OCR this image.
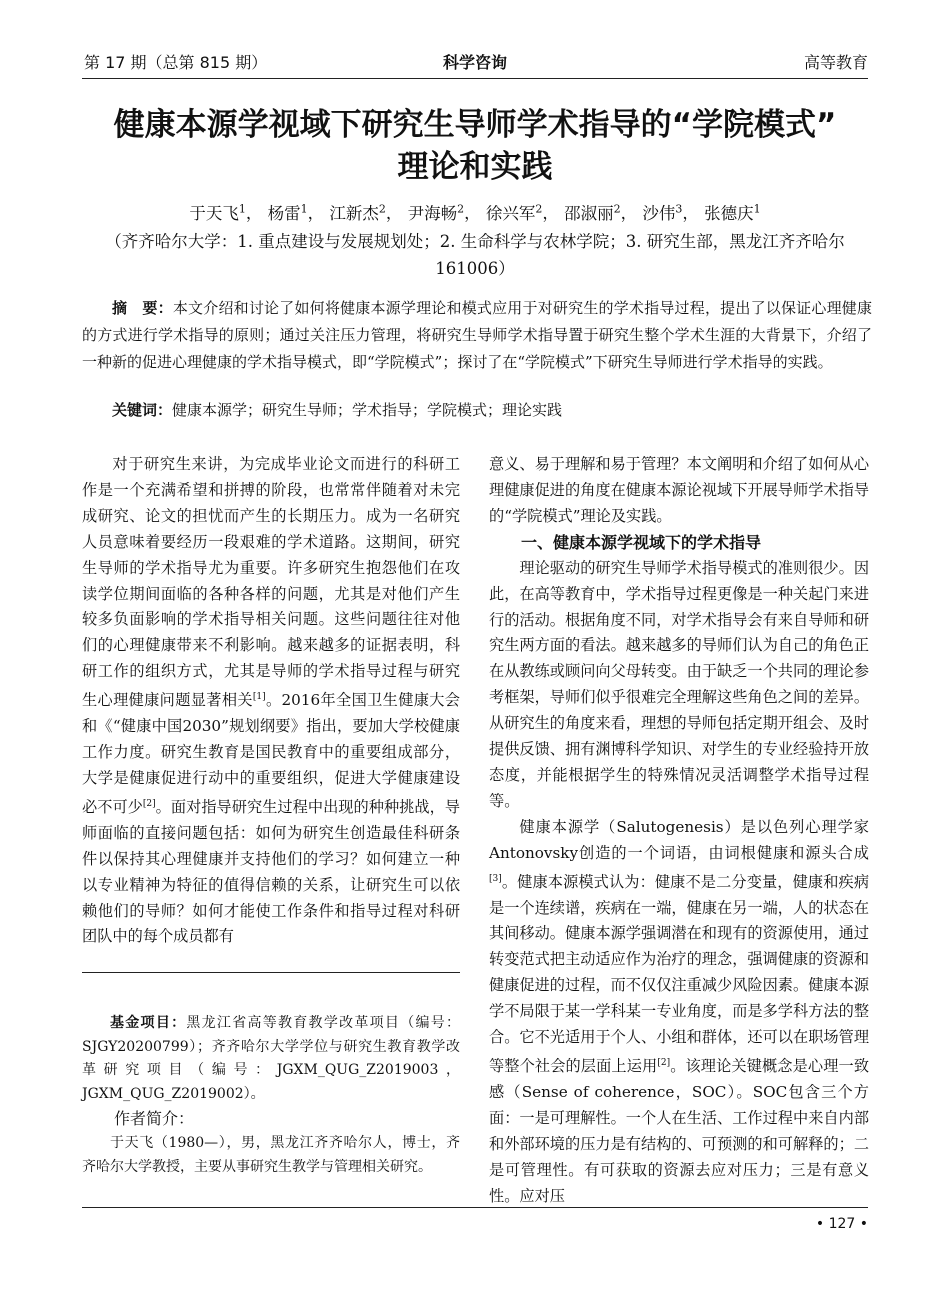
第 17 期（总第 815 期）	科学咨询	高等教育
健康本源学视域下研究生导师学术指导的“学院模式”
理论和实践
于天飞$^1$， 杨雷$^1$， 江新杰$^2$， 尹海畅$^2$， 徐兴军$^2$， 邵淑丽$^2$， 沙伟$^3$， 张德庆$^1$
（齐齐哈尔大学：1. 重点建设与发展规划处；2. 生命科学与农林学院；3. 研究生部，黑龙江齐齐哈尔
161006）
摘　要：本文介绍和讨论了如何将健康本源学理论和模式应用于对研究生的学术指导过程，提出了以保证心理健康的方式进行学术指导的原则；通过关注压力管理，将研究生导师学术指导置于研究生整个学术生涯的大背景下，介绍了一种新的促进心理健康的学术指导模式，即“学院模式”；探讨了在“学院模式”下研究生导师进行学术指导的实践。
关键词：健康本源学；研究生导师；学术指导；学院模式；理论实践

对于研究生来讲，为完成毕业论文而进行的科研工作是一个充满希望和拼搏的阶段，也常常伴随着对未完成研究、论文的担忧而产生的长期压力。成为一名研究人员意味着要经历一段艰难的学术道路。这期间，研究生导师的学术指导尤为重要。许多研究生抱怨他们在攻读学位期间面临的各种各样的问题，尤其是对他们产生较多负面影响的学术指导相关问题。这些问题往往对他们的心理健康带来不利影响。越来越多的证据表明，科研工作的组织方式，尤其是导师的学术指导过程与研究生心理健康问题显著相关[1]。2016年全国卫生健康大会和《“健康中国2030”规划纲要》指出，要加大学校健康工作力度。研究生教育是国民教育中的重要组成部分，大学是健康促进行动中的重要组织，促进大学健康建设必不可少[2]。面对指导研究生过程中出现的种种挑战，导师面临的直接问题包括：如何为研究生创造最佳科研条件以保持其心理健康并支持他们的学习？如何建立一种以专业精神为特征的值得信赖的关系，让研究生可以依赖他们的导师？如何才能使工作条件和指导过程对科研团队中的每个成员都有

基金项目：黑龙江省高等教育教学改革项目（编号：SJGY20200799）；齐齐哈尔大学学位与研究生教育教学改革研究项目（编号：JGXM_QUG_Z2019003，JGXM_QUG_Z2019002）。

作者简介：

于天飞（1980—），男，黑龙江齐齐哈尔人，博士，齐齐哈尔大学教授，主要从事研究生教学与管理相关研究。

意义、易于理解和易于管理？本文阐明和介绍了如何从心理健康促进的角度在健康本源论视域下开展导师学术指导的“学院模式”理论及实践。

一、健康本源学视域下的学术指导

理论驱动的研究生导师学术指导模式的准则很少。因此，在高等教育中，学术指导过程更像是一种关起门来进行的活动。根据角度不同，对学术指导会有来自导师和研究生两方面的看法。越来越多的导师们认为自己的角色正在从教练或顾问向父母转变。由于缺乏一个共同的理论参考框架，导师们似乎很难完全理解这些角色之间的差异。从研究生的角度来看，理想的导师包括定期开组会、及时提供反馈、拥有渊博科学知识、对学生的专业经验持开放态度，并能根据学生的特殊情况灵活调整学术指导过程等。

健康本源学（Salutogenesis）是以色列心理学家Antonovsky创造的一个词语，由词根健康和源头合成[3]。健康本源模式认为：健康不是二分变量，健康和疾病是一个连续谱，疾病在一端，健康在另一端，人的状态在其间移动。健康本源学强调潜在和现有的资源使用，通过转变范式把主动适应作为治疗的理念，强调健康的资源和健康促进的过程，而不仅仅注重减少风险因素。健康本源学不局限于某一学科某一专业角度，而是多学科方法的整合。它不光适用于个人、小组和群体，还可以在职场管理等整个社会的层面上运用[2]。该理论关键概念是心理一致感（Sense of coherence，SOC）。SOC包含三个方面：一是可理解性。一个人在生活、工作过程中来自内部和外部环境的压力是有结构的、可预测的和可解释的；二是可管理性。有可获取的资源去应对压力；三是有意义性。应对压

• 127 •
